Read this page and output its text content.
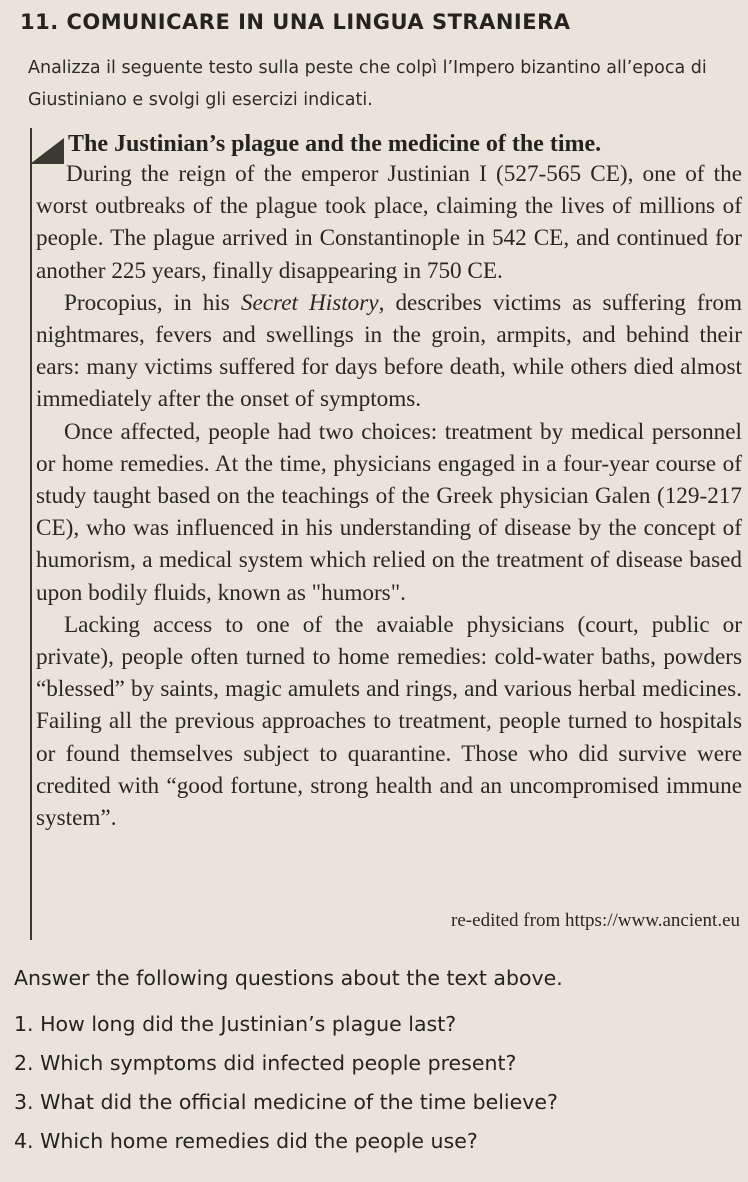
11. COMUNICARE IN UNA LINGUA STRANIERA
Analizza il seguente testo sulla peste che colpì l’Impero bizantino all’epoca di Giustiniano e svolgi gli esercizi indicati.
The Justinian’s plague and the medicine of the time.

During the reign of the emperor Justinian I (527-565 CE), one of the worst outbreaks of the plague took place, claiming the lives of millions of people. The plague arrived in Constantinople in 542 CE, and continued for another 225 years, finally disappearing in 750 CE.

Procopius, in his Secret History, describes victims as suffering from nightmares, fevers and swellings in the groin, armpits, and behind their ears: many victims suffered for days before death, while others died almost immediately after the onset of symptoms.

Once affected, people had two choices: treatment by medical personnel or home remedies. At the time, physicians engaged in a four-year course of study taught based on the teachings of the Greek physician Galen (129-217 CE), who was influenced in his understanding of disease by the concept of humorism, a medical system which relied on the treatment of disease based upon bodily fluids, known as "humors".

Lacking access to one of the avaiable physicians (court, public or private), people often turned to home remedies: cold-water baths, powders “blessed” by saints, magic amulets and rings, and various herbal medicines. Failing all the previous approaches to treatment, people turned to hospitals or found themselves subject to quarantine. Those who did survive were credited with “good fortune, strong health and an uncompromised immune system”.

re-edited from https://www.ancient.eu
Answer the following questions about the text above.
1. How long did the Justinian’s plague last?
2. Which symptoms did infected people present?
3. What did the official medicine of the time believe?
4. Which home remedies did the people use?
